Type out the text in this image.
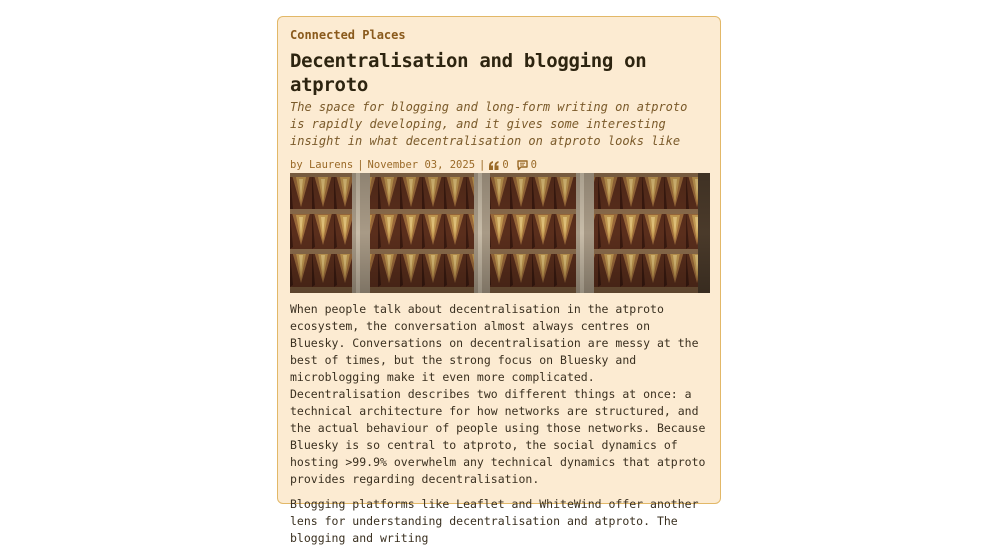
Connected Places
Decentralisation and blogging on atproto
The space for blogging and long-form writing on atproto is rapidly developing, and it gives some interesting insight in what decentralisation on atproto looks like
by Laurens | November 03, 2025 | 0 0

When people talk about decentralisation in the atproto ecosystem, the conversation almost always centres on Bluesky. Conversations on decentralisation are messy at the best of times, but the strong focus on Bluesky and microblogging make it even more complicated. Decentralisation describes two different things at once: a technical architecture for how networks are structured, and the actual behaviour of people using those networks. Because Bluesky is so central to atproto, the social dynamics of hosting >99.9% overwhelm any technical dynamics that atproto provides regarding decentralisation.

Blogging platforms like Leaflet and WhiteWind offer another lens for understanding decentralisation and atproto. The blogging and writing
